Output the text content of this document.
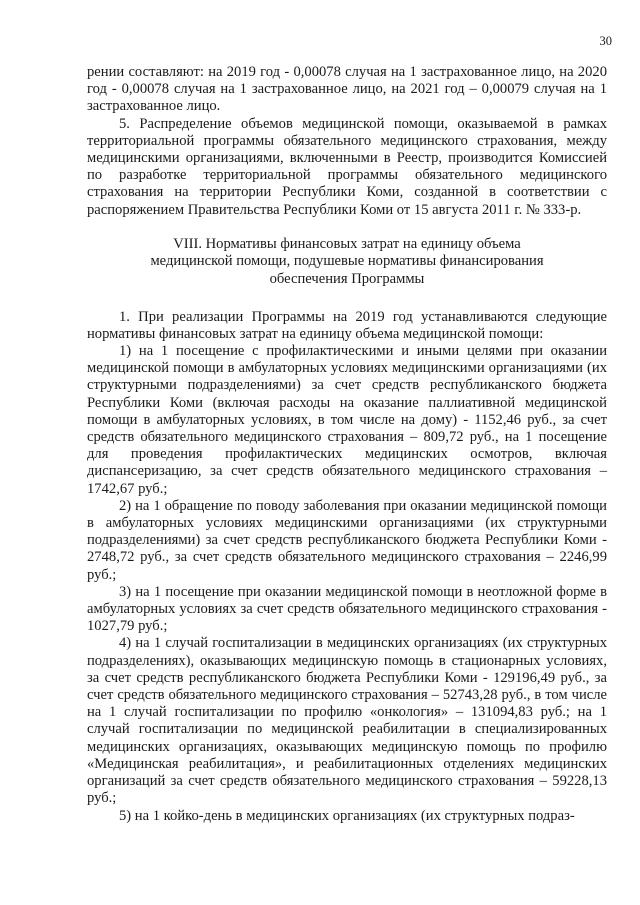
30

рении составляют: на 2019 год - 0,00078 случая на 1 застрахованное лицо, на 2020 год - 0,00078 случая на 1 застрахованное лицо, на 2021 год – 0,00079 случая на 1 застрахованное лицо.

5. Распределение объемов медицинской помощи, оказываемой в рамках территориальной программы обязательного медицинского страхования, между медицинскими организациями, включенными в Реестр, производится Комиссией по разработке территориальной программы обязательного медицинского страхования на территории Республики Коми, созданной в соответствии с распоряжением Правительства Республики Коми от 15 августа 2011 г. № 333-р.

VIII. Нормативы финансовых затрат на единицу объема
медицинской помощи, подушевые нормативы финансирования
обеспечения Программы

1. При реализации Программы на 2019 год устанавливаются следующие нормативы финансовых затрат на единицу объема медицинской помощи:

1) на 1 посещение с профилактическими и иными целями при оказании медицинской помощи в амбулаторных условиях медицинскими организациями (их структурными подразделениями) за счет средств республиканского бюджета Республики Коми (включая расходы на оказание паллиативной медицинской помощи в амбулаторных условиях, в том числе на дому) - 1152,46 руб., за счет средств обязательного медицинского страхования – 809,72 руб., на 1 посещение для проведения профилактических медицинских осмотров, включая диспансеризацию, за счет средств обязательного медицинского страхования – 1742,67 руб.;

2) на 1 обращение по поводу заболевания при оказании медицинской помощи в амбулаторных условиях медицинскими организациями (их структурными подразделениями) за счет средств республиканского бюджета Республики Коми - 2748,72 руб., за счет средств обязательного медицинского страхования – 2246,99 руб.;

3) на 1 посещение при оказании медицинской помощи в неотложной форме в амбулаторных условиях за счет средств обязательного медицинского страхования - 1027,79 руб.;

4) на 1 случай госпитализации в медицинских организациях (их структурных подразделениях), оказывающих медицинскую помощь в стационарных условиях, за счет средств республиканского бюджета Республики Коми - 129196,49 руб., за счет средств обязательного медицинского страхования – 52743,28 руб., в том числе на 1 случай госпитализации по профилю «онкология» – 131094,83 руб.; на 1 случай госпитализации по медицинской реабилитации в специализированных медицинских организациях, оказывающих медицинскую помощь по профилю «Медицинская реабилитация», и реабилитационных отделениях медицинских организаций за счет средств обязательного медицинского страхования – 59228,13 руб.;

5) на 1 койко-день в медицинских организациях (их структурных подраз-
